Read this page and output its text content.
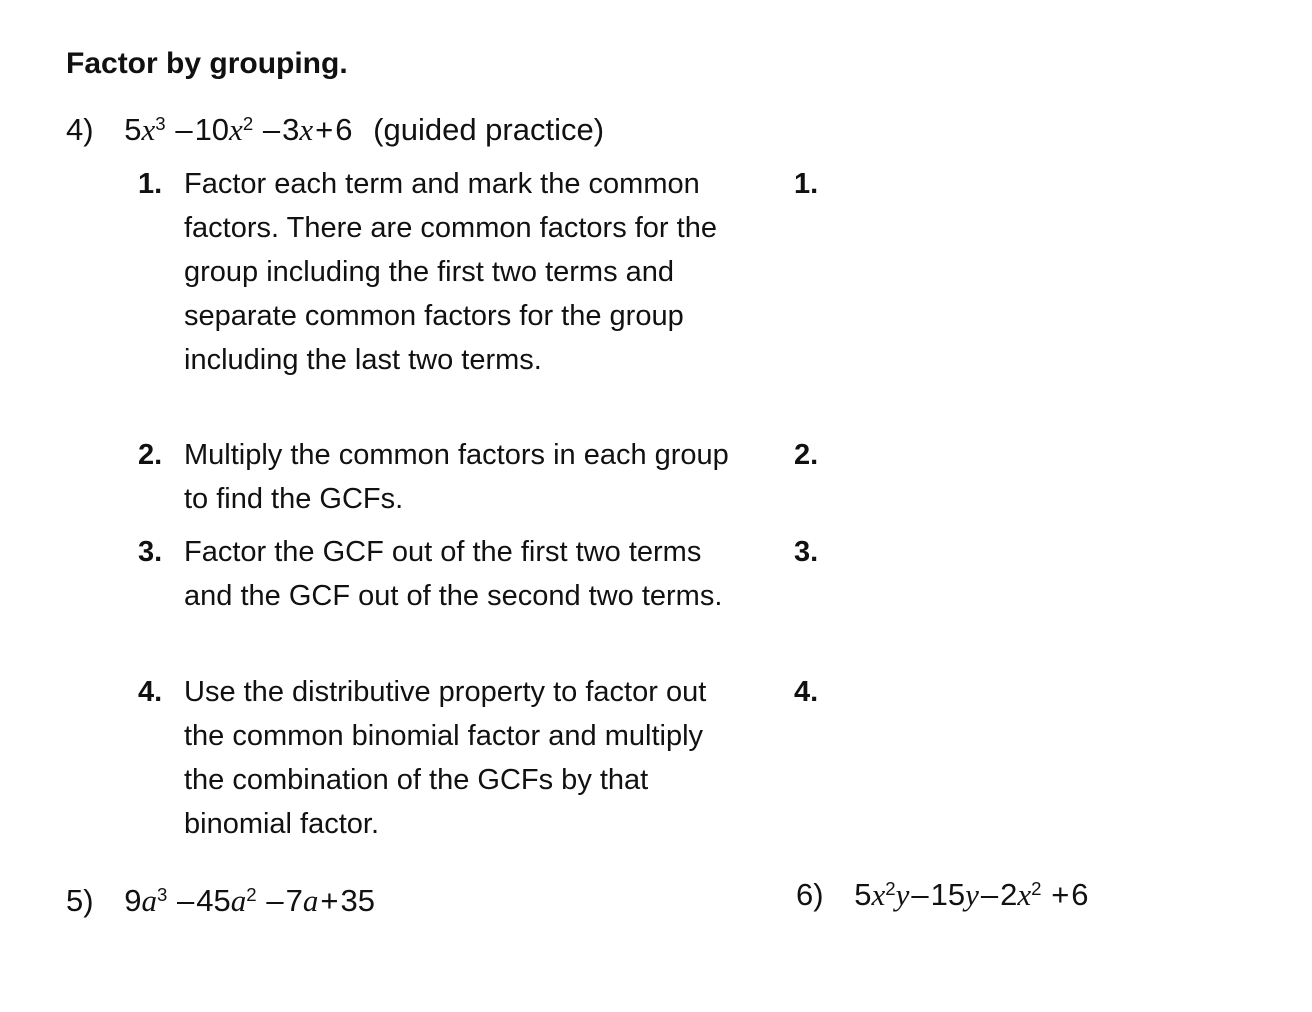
Factor by grouping.
4) $5x^3$ $-10x^2$ –3x+6 (guided practice)
1. Factor each term and mark the common factors. There are common factors for the group including the first two terms and separate common factors for the group including the last two terms.
2. Multiply the common factors in each group to find the GCFs.
3. Factor the GCF out of the first two terms and the GCF out of the second two terms.
4. Use the distributive property to factor out the common binomial factor and multiply the combination of the GCFs by that binomial factor.
1.
2.
3.
4.
5) $9a^3$ $-45a^2$ –7a+35	6) $5x^2y-15y-2x^2 +6$
